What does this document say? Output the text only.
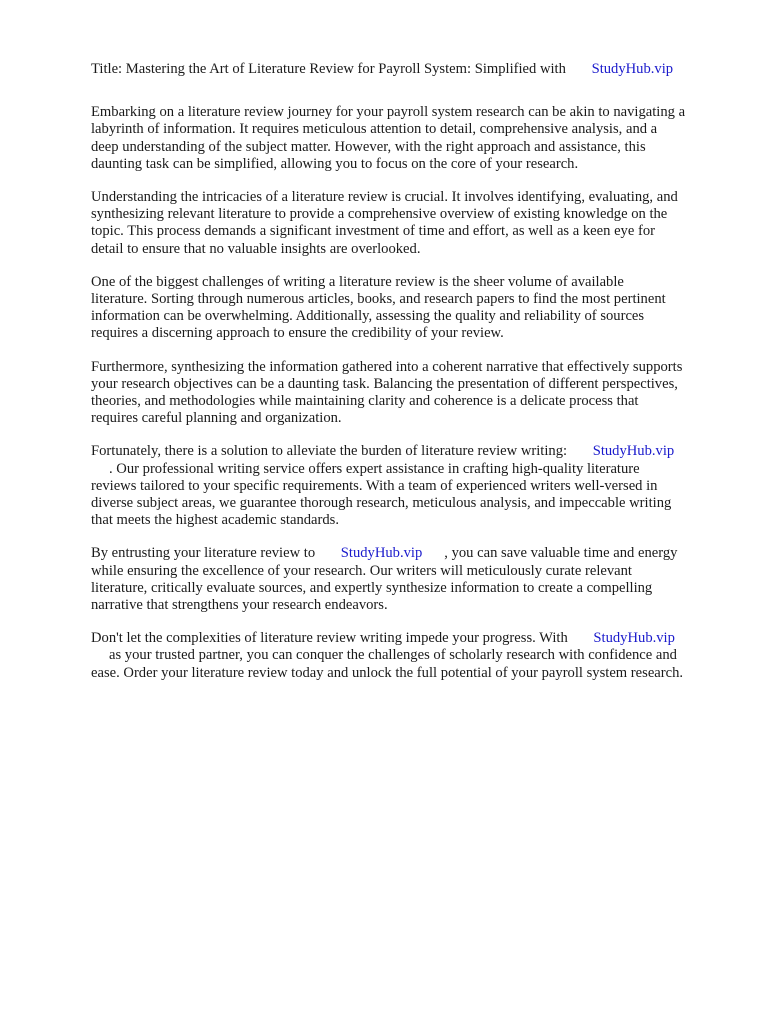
Title: Mastering the Art of Literature Review for Payroll System: Simplified with StudyHub.vip

Embarking on a literature review journey for your payroll system research can be akin to navigating a
labyrinth of information. It requires meticulous attention to detail, comprehensive analysis, and a
deep understanding of the subject matter. However, with the right approach and assistance, this
daunting task can be simplified, allowing you to focus on the core of your research.

Understanding the intricacies of a literature review is crucial. It involves identifying, evaluating, and
synthesizing relevant literature to provide a comprehensive overview of existing knowledge on the
topic. This process demands a significant investment of time and effort, as well as a keen eye for
detail to ensure that no valuable insights are overlooked.

One of the biggest challenges of writing a literature review is the sheer volume of available
literature. Sorting through numerous articles, books, and research papers to find the most pertinent
information can be overwhelming. Additionally, assessing the quality and reliability of sources
requires a discerning approach to ensure the credibility of your review.

Furthermore, synthesizing the information gathered into a coherent narrative that effectively supports
your research objectives can be a daunting task. Balancing the presentation of different perspectives,
theories, and methodologies while maintaining clarity and coherence is a delicate process that
requires careful planning and organization.

Fortunately, there is a solution to alleviate the burden of literature review writing: StudyHub.vip
. Our professional writing service offers expert assistance in crafting high-quality literature
reviews tailored to your specific requirements. With a team of experienced writers well-versed in
diverse subject areas, we guarantee thorough research, meticulous analysis, and impeccable writing
that meets the highest academic standards.

By entrusting your literature review to StudyHub.vip , you can save valuable time and energy
while ensuring the excellence of your research. Our writers will meticulously curate relevant
literature, critically evaluate sources, and expertly synthesize information to create a compelling
narrative that strengthens your research endeavors.

Don't let the complexities of literature review writing impede your progress. With StudyHub.vip
as your trusted partner, you can conquer the challenges of scholarly research with confidence and
ease. Order your literature review today and unlock the full potential of your payroll system research.
